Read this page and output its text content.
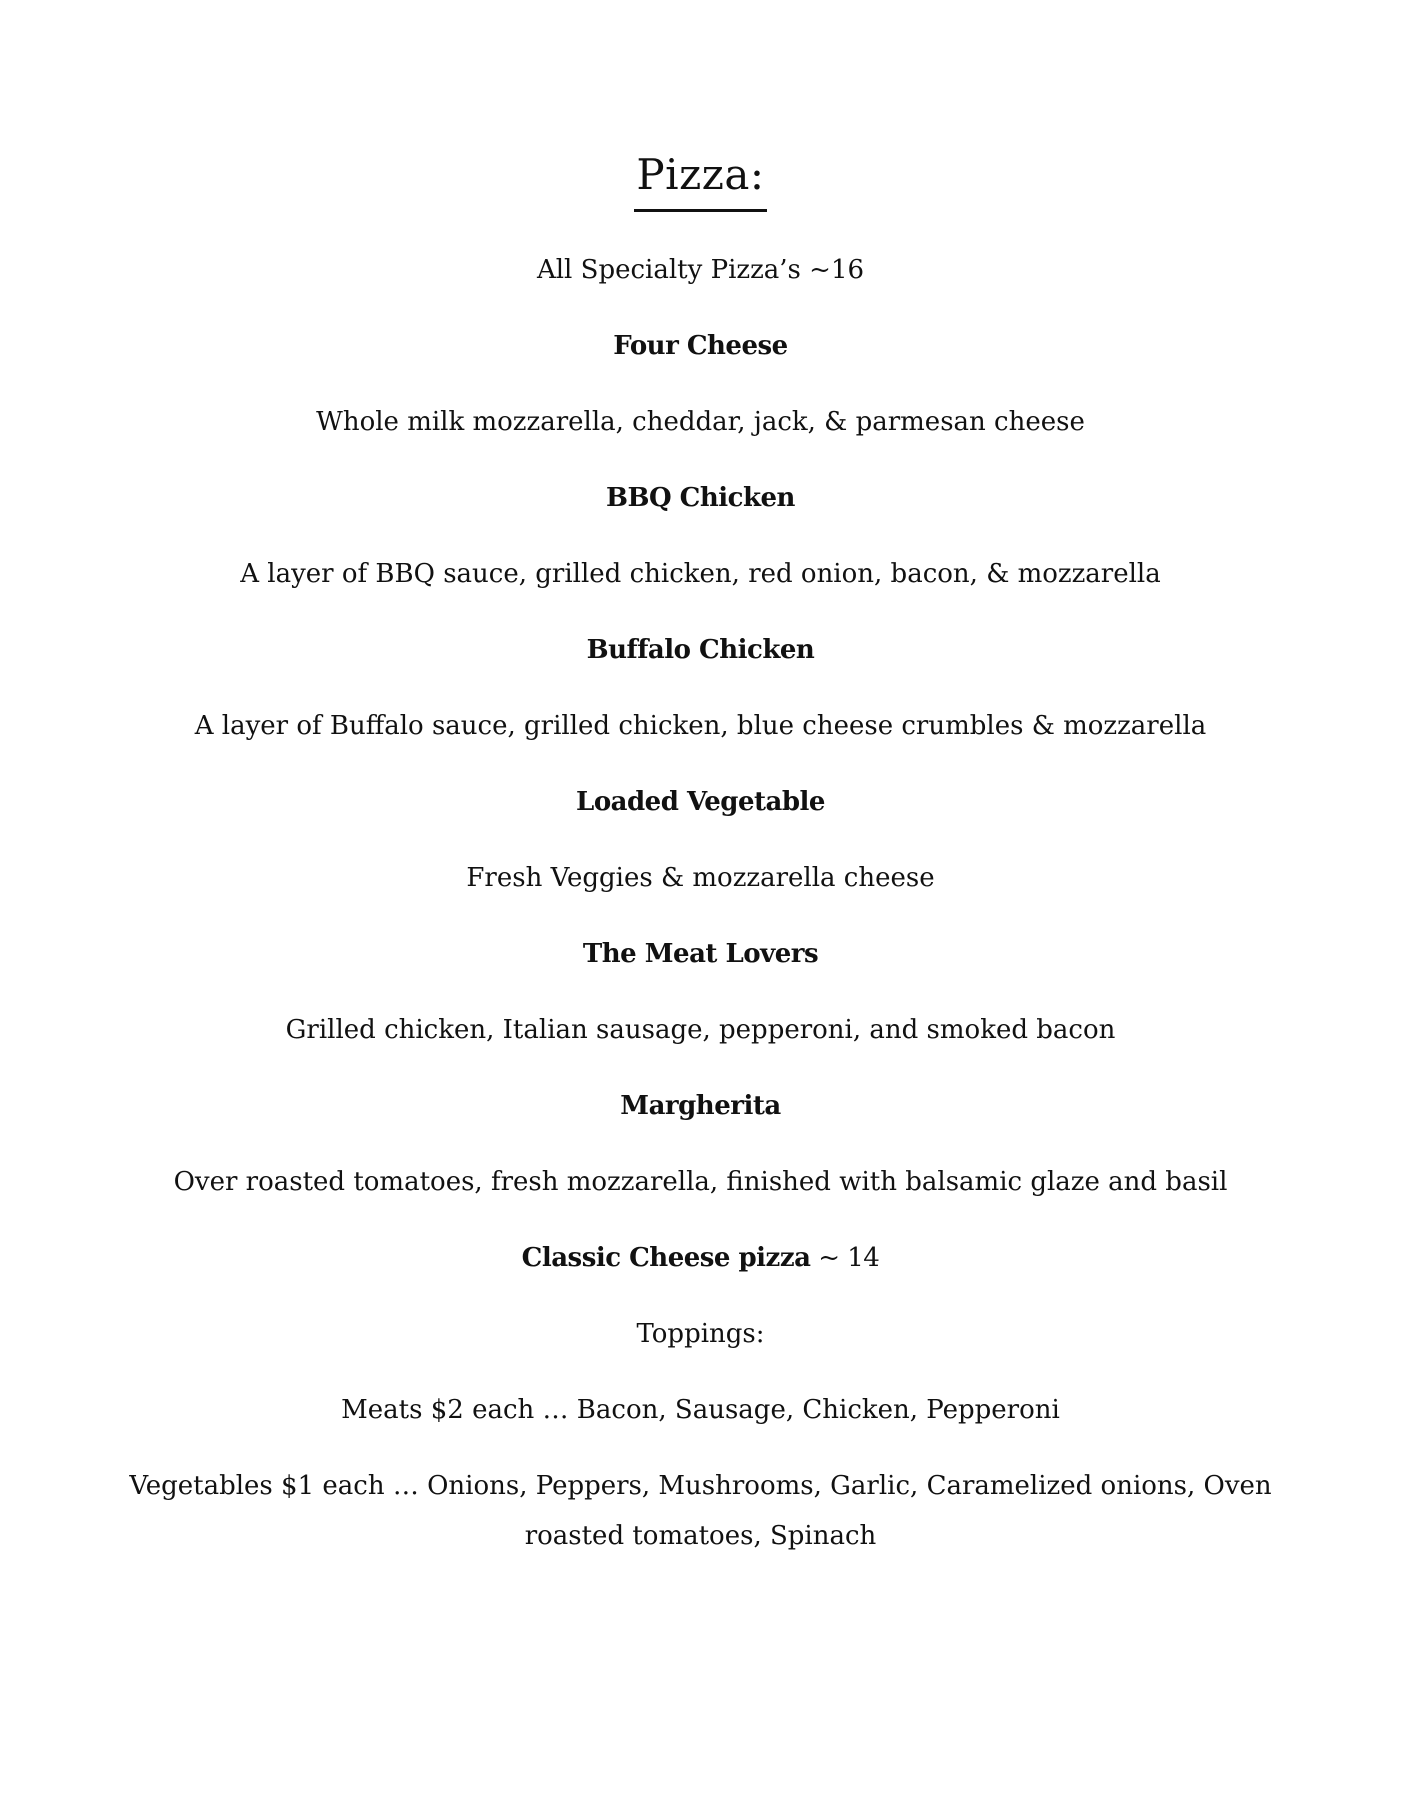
Pizza:
All Specialty Pizza’s ~16
Four Cheese
Whole milk mozzarella, cheddar, jack, & parmesan cheese
BBQ Chicken
A layer of BBQ sauce, grilled chicken, red onion, bacon, & mozzarella
Buffalo Chicken
A layer of Buffalo sauce, grilled chicken, blue cheese crumbles & mozzarella
Loaded Vegetable
Fresh Veggies & mozzarella cheese
The Meat Lovers
Grilled chicken, Italian sausage, pepperoni, and smoked bacon
Margherita
Over roasted tomatoes, fresh mozzarella, finished with balsamic glaze and basil
Classic Cheese pizza ~ 14
Toppings:
Meats $2 each … Bacon, Sausage, Chicken, Pepperoni
Vegetables $1 each … Onions, Peppers, Mushrooms, Garlic, Caramelized onions, Oven roasted tomatoes, Spinach
